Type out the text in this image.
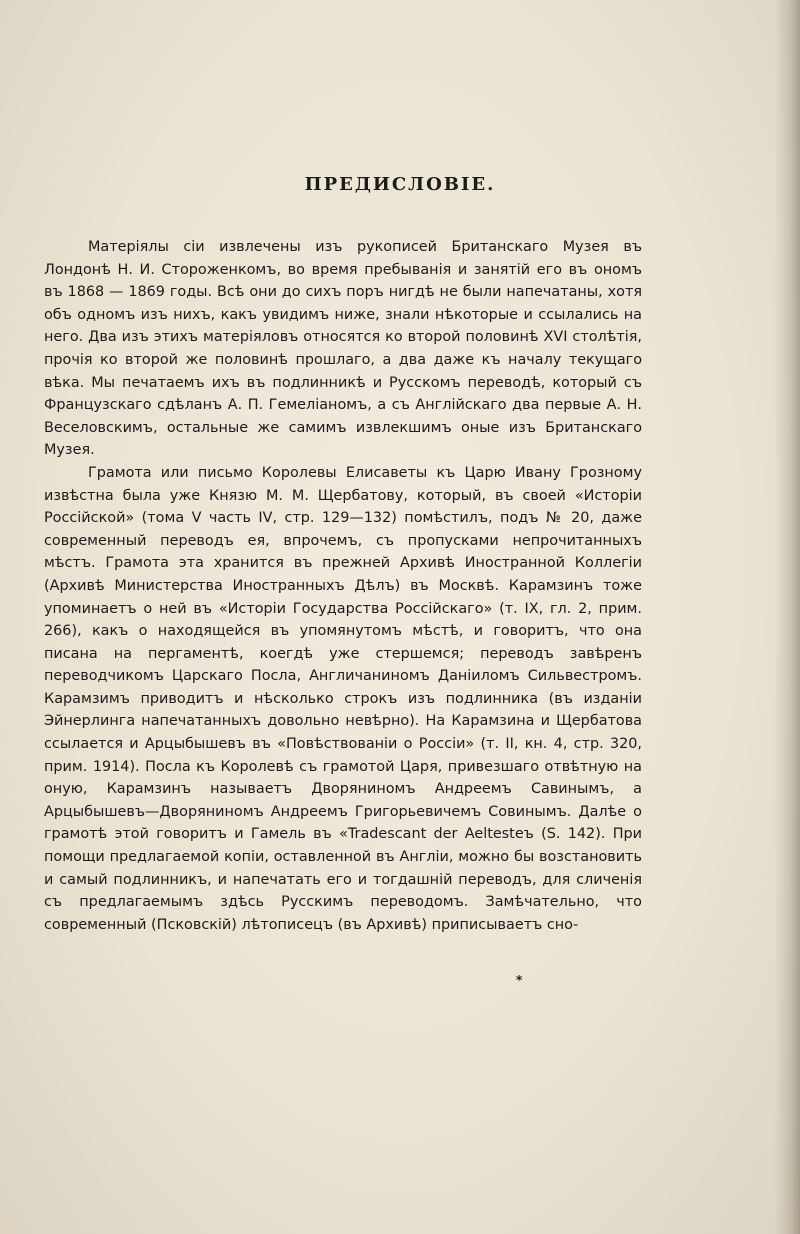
ПРЕДИСЛОВІЕ.

Матеріялы сіи извлечены изъ рукописей Британскаго Музея въ Лондонѣ Н. И. Стороженкомъ, во время пребыванія и занятій его въ ономъ въ 1868 — 1869 годы. Всѣ они до сихъ поръ нигдѣ не были напечатаны, хотя объ одномъ изъ нихъ, какъ увидимъ ниже, знали нѣкоторые и ссылались на него. Два изъ этихъ матеріяловъ относятся ко второй половинѣ XVI столѣтія, прочія ко второй же половинѣ прошлаго, а два даже къ началу текущаго вѣка. Мы печатаемъ ихъ въ подлинникѣ и Русскомъ переводѣ, который съ Французскаго сдѣланъ А. П. Гемеліаномъ, а съ Англійскаго два первые А. Н. Веселовскимъ, остальные же самимъ извлекшимъ оные изъ Британскаго Музея.

Грамота или письмо Королевы Елисаветы къ Царю Ивану Грозному извѣстна была уже Князю М. М. Щербатову, который, въ своей «Исторіи Россійской» (тома V часть IV, стр. 129—132) помѣстилъ, подъ № 20, даже современный переводъ ея, впрочемъ, съ пропусками непрочитанныхъ мѣстъ. Грамота эта хранится въ прежней Архивѣ Иностранной Коллегіи (Архивѣ Министерства Иностранныхъ Дѣлъ) въ Москвѣ. Карамзинъ тоже упоминаетъ о ней въ «Исторіи Государства Россійскаго» (т. IX, гл. 2, прим. 266), какъ о находящейся въ упомянутомъ мѣстѣ, и говоритъ, что она писана на пергаментѣ, коегдѣ уже стершемся; переводъ завѣренъ переводчикомъ Царскаго Посла, Англичаниномъ Даніиломъ Сильвестромъ. Карамзимъ приводитъ и нѣсколько строкъ изъ подлинника (въ изданіи Эйнерлинга напечатанныхъ довольно невѣрно). На Карамзина и Щербатова ссылается и Арцыбышевъ въ «Повѣствованіи о Россіи» (т. II, кн. 4, стр. 320, прим. 1914). Посла къ Королевѣ съ грамотой Царя, привезшаго отвѣтную на оную, Карамзинъ называетъ Дворяниномъ Андреемъ Савинымъ, а Арцыбышевъ—Дворяниномъ Андреемъ Григорьевичемъ Совинымъ. Далѣе о грамотѣ этой говоритъ и Гамель въ «Tradescant der Aeltesteъ (S. 142). При помощи предлагаемой копіи, оставленной въ Англіи, можно бы возстановить и самый подлинникъ, и напечатать его и тогдашній переводъ, для сличенія съ предлагаемымъ здѣсь Русскимъ переводомъ. Замѣчательно, что современный (Псковскій) лѣтописецъ (въ Архивѣ) приписываетъ сно-

*
